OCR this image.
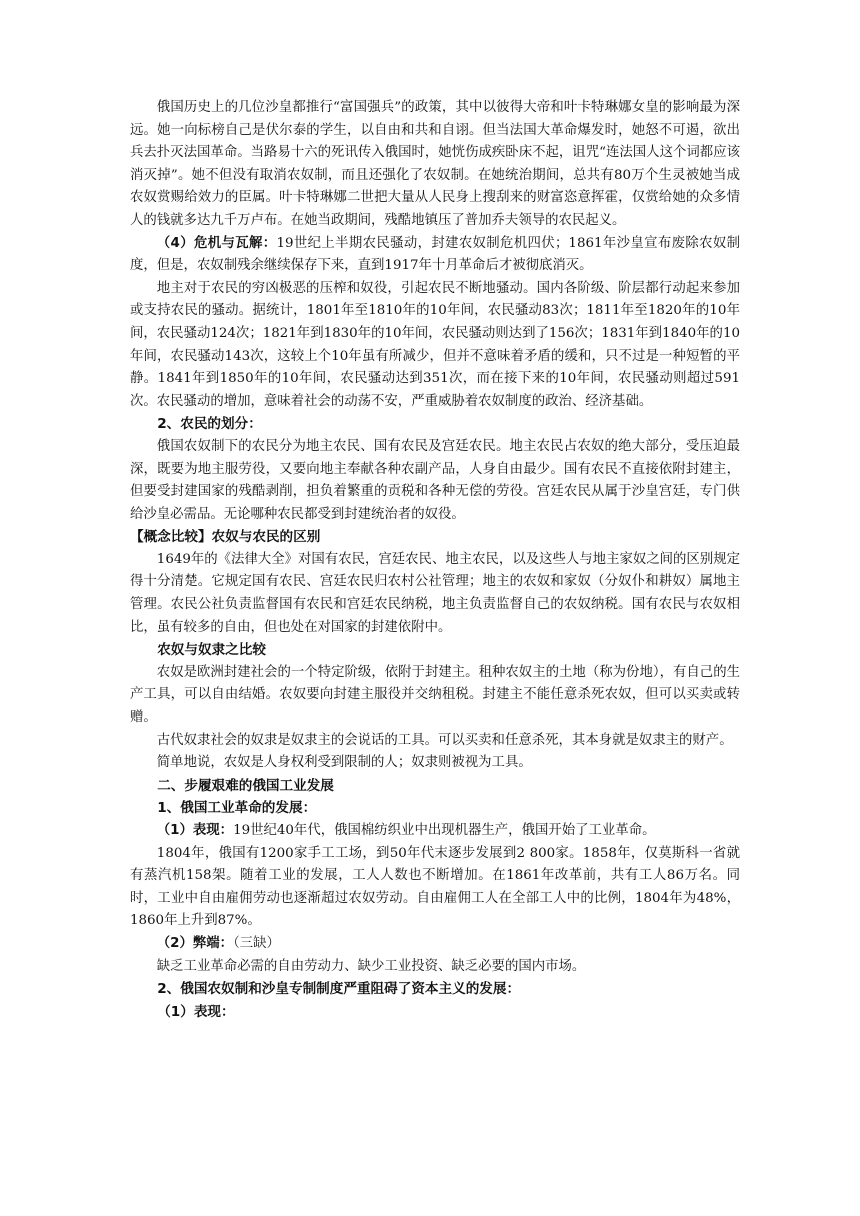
俄国历史上的几位沙皇都推行“富国强兵”的政策，其中以彼得大帝和叶卡特琳娜女皇的影响最为深远。她一向标榜自己是伏尔泰的学生，以自由和共和自诩。但当法国大革命爆发时，她怒不可遏，欲出兵去扑灭法国革命。当路易十六的死讯传入俄国时，她恍伤成疾卧床不起，诅咒“连法国人这个词都应该消灭掉”。她不但没有取消农奴制，而且还强化了农奴制。在她统治期间，总共有80万个生灵被她当成农奴赏赐给效力的臣属。叶卡特琳娜二世把大量从人民身上搜刮来的财富恣意挥霍，仅赏给她的众多情人的钱就多达九千万卢布。在她当政期间，残酷地镇压了普加乔夫领导的农民起义。

（4）危机与瓦解：19世纪上半期农民骚动，封建农奴制危机四伏；1861年沙皇宣布废除农奴制度，但是，农奴制残余继续保存下来，直到1917年十月革命后才被彻底消灭。

地主对于农民的穷凶极恶的压榨和奴役，引起农民不断地骚动。国内各阶级、阶层都行动起来参加或支持农民的骚动。据统计，1801年至1810年的10年间，农民骚动83次；1811年至1820年的10年间，农民骚动124次；1821年到1830年的10年间，农民骚动则达到了156次；1831年到1840年的10年间，农民骚动143次，这较上个10年虽有所减少，但并不意味着矛盾的缓和，只不过是一种短暂的平静。1841年到1850年的10年间，农民骚动达到351次，而在接下来的10年间，农民骚动则超过591次。农民骚动的增加，意味着社会的动荡不安，严重威胁着农奴制度的政治、经济基础。

2、农民的划分：

俄国农奴制下的农民分为地主农民、国有农民及宫廷农民。地主农民占农奴的绝大部分，受压迫最深，既要为地主服劳役，又要向地主奉献各种农副产品，人身自由最少。国有农民不直接依附封建主，但要受封建国家的残酷剥削，担负着繁重的贡税和各种无偿的劳役。宫廷农民从属于沙皇宫廷，专门供给沙皇必需品。无论哪种农民都受到封建统治者的奴役。

【概念比较】农奴与农民的区别

1649年的《法律大全》对国有农民，宫廷农民、地主农民，以及这些人与地主家奴之间的区别规定得十分清楚。它规定国有农民、宫廷农民归农村公社管理；地主的农奴和家奴（分奴仆和耕奴）属地主管理。农民公社负责监督国有农民和宫廷农民纳税，地主负责监督自己的农奴纳税。国有农民与农奴相比，虽有较多的自由，但也处在对国家的封建依附中。

农奴与奴隶之比较

农奴是欧洲封建社会的一个特定阶级，依附于封建主。租种农奴主的土地（称为份地），有自己的生产工具，可以自由结婚。农奴要向封建主服役并交纳租税。封建主不能任意杀死农奴，但可以买卖或转赠。

古代奴隶社会的奴隶是奴隶主的会说话的工具。可以买卖和任意杀死，其本身就是奴隶主的财产。

简单地说，农奴是人身权利受到限制的人；奴隶则被视为工具。

二、步履艰难的俄国工业发展

1、俄国工业革命的发展：

（1）表现：19世纪40年代，俄国棉纺织业中出现机器生产，俄国开始了工业革命。

1804年，俄国有1200家手工工场，到50年代末逐步发展到2 800家。1858年，仅莫斯科一省就有蒸汽机158架。随着工业的发展，工人人数也不断增加。在1861年改革前，共有工人86万名。同时，工业中自由雇佣劳动也逐渐超过农奴劳动。自由雇佣工人在全部工人中的比例，1804年为48%，1860年上升到87%。

（2）弊端：（三缺）

缺乏工业革命必需的自由劳动力、缺少工业投资、缺乏必要的国内市场。

2、俄国农奴制和沙皇专制制度严重阻碍了资本主义的发展：

（1）表现：
